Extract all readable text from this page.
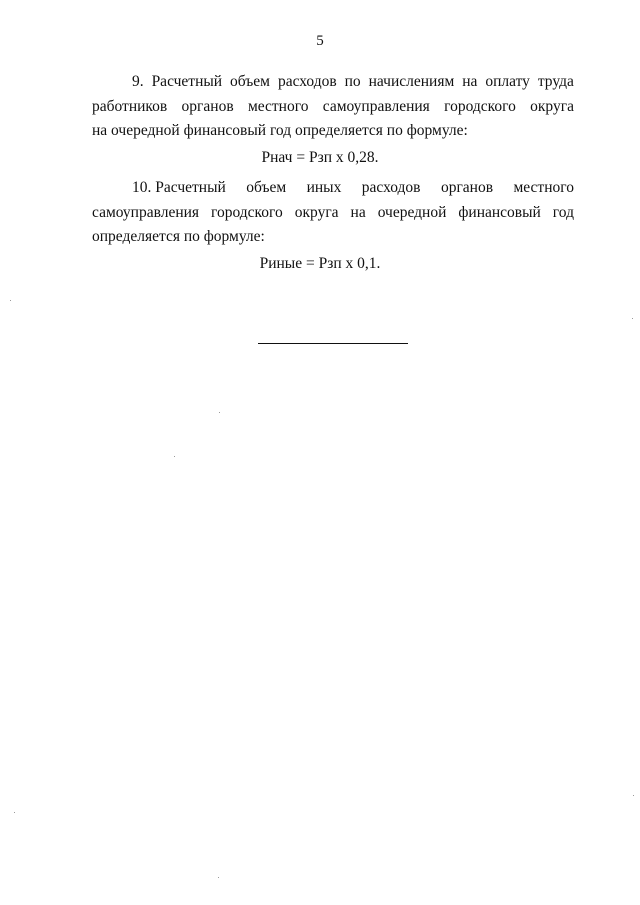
5
9. Расчетный объем расходов по начислениям на оплату труда
работников органов местного самоуправления городского округа
на очередной финансовый год определяется по формуле:
Рнач = Рзп x 0,28.
10. Расчетный объем иных расходов органов местного
самоуправления городского округа на очередной финансовый год
определяется по формуле:
Риные = Рзп x 0,1.
